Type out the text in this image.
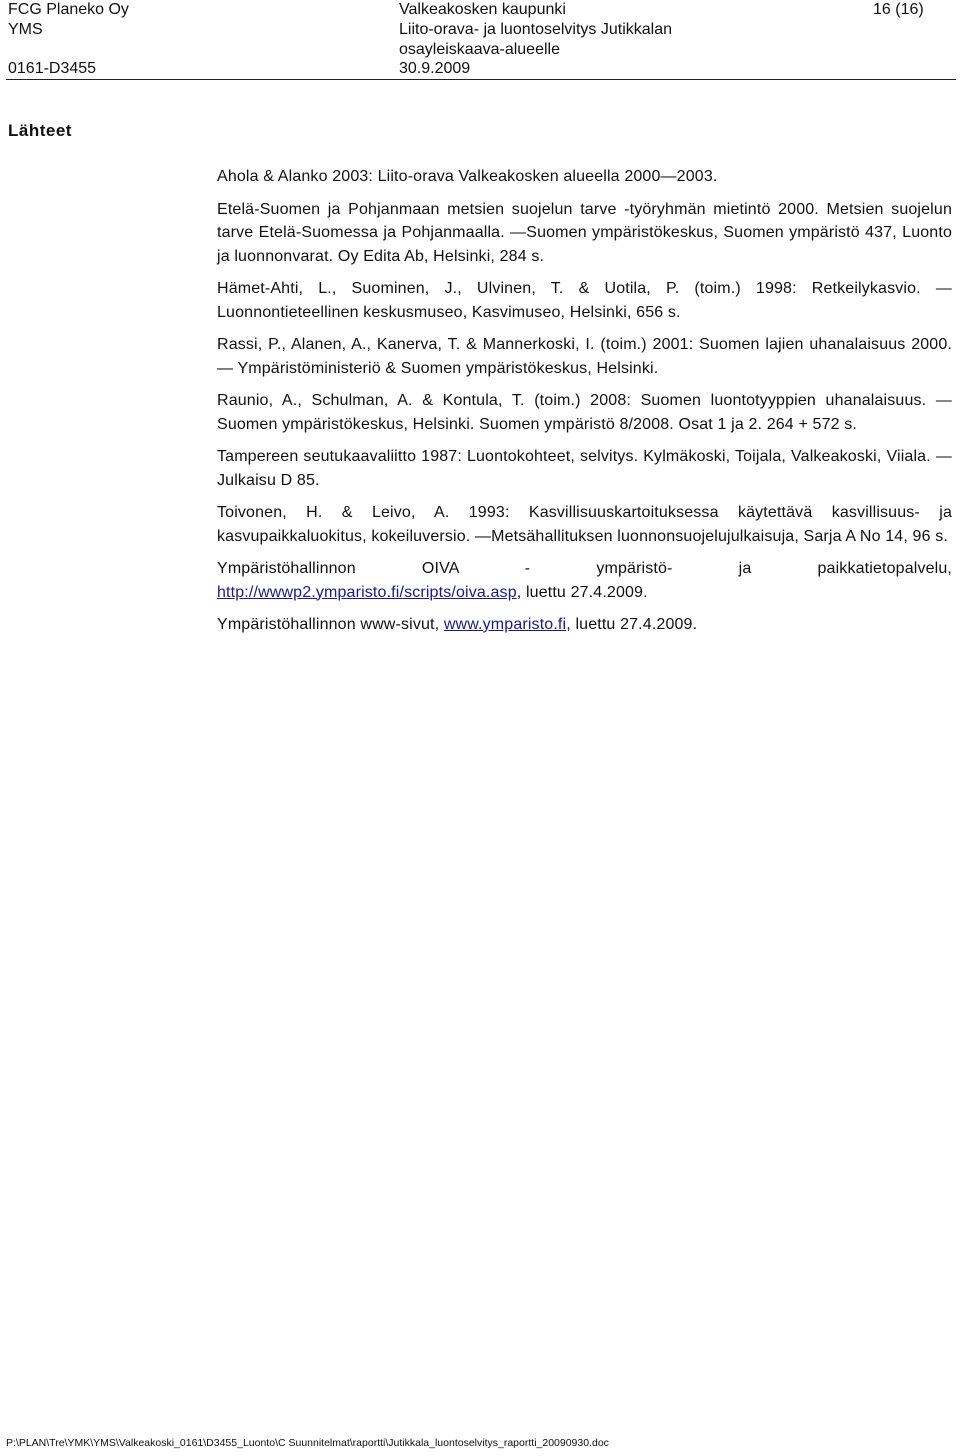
FCG Planeko Oy
YMS
Valkeakosken kaupunki
Liito-orava- ja luontoselvitys Jutikkalan
osayleiskaava-alueelle
16 (16)
0161-D3455	30.9.2009
Lähteet

Ahola & Alanko 2003: Liito-orava Valkeakosken alueella 2000—2003.

Etelä-Suomen ja Pohjanmaan metsien suojelun tarve -työryhmän mietintö 2000. Metsien suojelun tarve Etelä-Suomessa ja Pohjanmaalla. —Suomen ympäristökeskus, Suomen ympäristö 437, Luonto ja luonnonvarat. Oy Edita Ab, Helsinki, 284 s.

Hämet-Ahti, L., Suominen, J., Ulvinen, T. & Uotila, P. (toim.) 1998: Retkeilykasvio. —Luonnontieteellinen keskusmuseo, Kasvimuseo, Helsinki, 656 s.

Rassi, P., Alanen, A., Kanerva, T. & Mannerkoski, I. (toim.) 2001: Suomen lajien uhanalaisuus 2000. — Ympäristöministeriö & Suomen ympäristökeskus, Helsinki.

Raunio, A., Schulman, A. & Kontula, T. (toim.) 2008: Suomen luontotyyppien uhanalaisuus. —Suomen ympäristökeskus, Helsinki. Suomen ympäristö 8/2008. Osat 1 ja 2. 264 + 572 s.

Tampereen seutukaavaliitto 1987: Luontokohteet, selvitys. Kylmäkoski, Toijala, Valkeakoski, Viiala. —Julkaisu D 85.

Toivonen, H. & Leivo, A. 1993: Kasvillisuuskartoituksessa käytettävä kasvillisuus- ja kasvupaikkaluokitus, kokeiluversio. —Metsähallituksen luonnonsuojelujulkaisuja, Sarja A No 14, 96 s.

Ympäristöhallinnon OIVA - ympäristö- ja paikkatietopalvelu, http://wwwp2.ymparisto.fi/scripts/oiva.asp, luettu 27.4.2009.

Ympäristöhallinnon www-sivut, www.ymparisto.fi, luettu 27.4.2009.

P:\PLAN\Tre\YMK\YMS\Valkeakoski_0161\D3455_Luonto\C Suunnitelmat\raportti\Jutikkala_luontoselvitys_raportti_20090930.doc
